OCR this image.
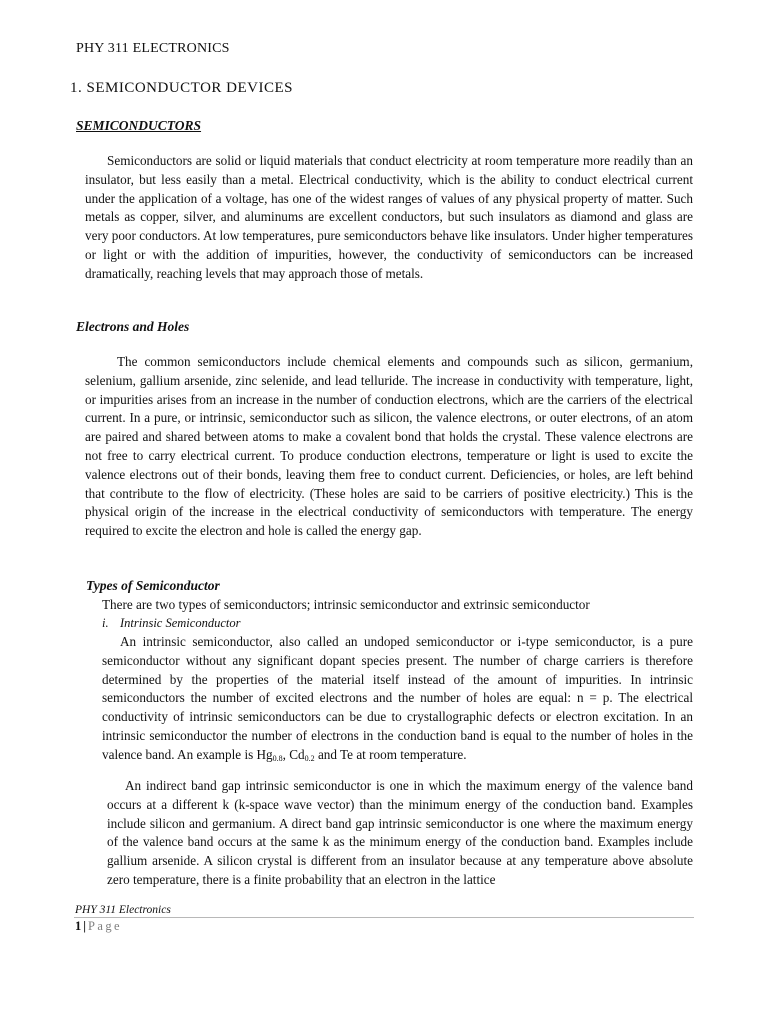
PHY 311 ELECTRONICS
1. SEMICONDUCTOR DEVICES
SEMICONDUCTORS

Semiconductors are solid or liquid materials that conduct electricity at room temperature more readily than an insulator, but less easily than a metal. Electrical conductivity, which is the ability to conduct electrical current under the application of a voltage, has one of the widest ranges of values of any physical property of matter. Such metals as copper, silver, and aluminums are excellent conductors, but such insulators as diamond and glass are very poor conductors. At low temperatures, pure semiconductors behave like insulators. Under higher temperatures or light or with the addition of impurities, however, the conductivity of semiconductors can be increased dramatically, reaching levels that may approach those of metals.

Electrons and Holes

The common semiconductors include chemical elements and compounds such as silicon, germanium, selenium, gallium arsenide, zinc selenide, and lead telluride. The increase in conductivity with temperature, light, or impurities arises from an increase in the number of conduction electrons, which are the carriers of the electrical current. In a pure, or intrinsic, semiconductor such as silicon, the valence electrons, or outer electrons, of an atom are paired and shared between atoms to make a covalent bond that holds the crystal. These valence electrons are not free to carry electrical current. To produce conduction electrons, temperature or light is used to excite the valence electrons out of their bonds, leaving them free to conduct current. Deficiencies, or holes, are left behind that contribute to the flow of electricity. (These holes are said to be carriers of positive electricity.) This is the physical origin of the increase in the electrical conductivity of semiconductors with temperature. The energy required to excite the electron and hole is called the energy gap.

Types of Semiconductor
There are two types of semiconductors; intrinsic semiconductor and extrinsic semiconductor
i. Intrinsic Semiconductor

An intrinsic semiconductor, also called an undoped semiconductor or i-type semiconductor, is a pure semiconductor without any significant dopant species present. The number of charge carriers is therefore determined by the properties of the material itself instead of the amount of impurities. In intrinsic semiconductors the number of excited electrons and the number of holes are equal: n = p. The electrical conductivity of intrinsic semiconductors can be due to crystallographic defects or electron excitation. In an intrinsic semiconductor the number of electrons in the conduction band is equal to the number of holes in the valence band. An example is $Hg_{0.8}$, $Cd_{0.2}$ and Te at room temperature.

An indirect band gap intrinsic semiconductor is one in which the maximum energy of the valence band occurs at a different k (k-space wave vector) than the minimum energy of the conduction band. Examples include silicon and germanium. A direct band gap intrinsic semiconductor is one where the maximum energy of the valence band occurs at the same k as the minimum energy of the conduction band. Examples include gallium arsenide. A silicon crystal is different from an insulator because at any temperature above absolute zero temperature, there is a finite probability that an electron in the lattice

PHY 311 Electronics
1 | Page
